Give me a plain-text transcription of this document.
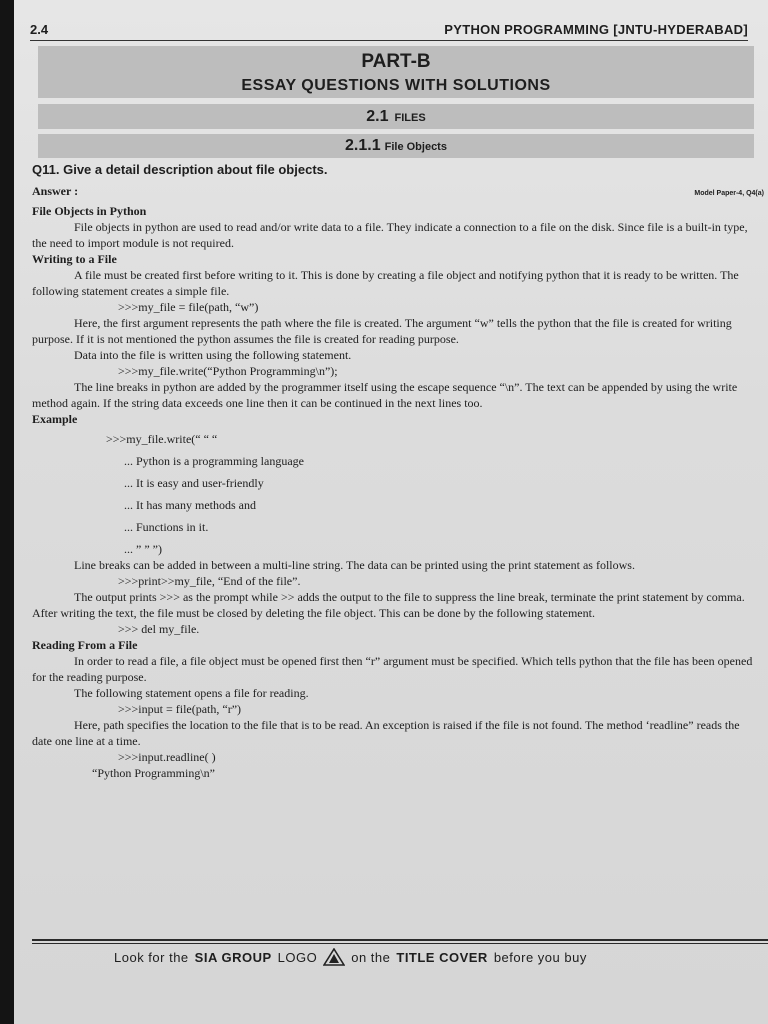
2.4	PYTHON PROGRAMMING [JNTU-HYDERABAD]
PART-B
ESSAY QUESTIONS WITH SOLUTIONS
2.1 FILES
2.1.1 File Objects
Q11. Give a detail description about file objects.
Answer :	Model Paper-4, Q4(a)
File Objects in Python

File objects in python are used to read and/or write data to a file. They indicate a connection to a file on the disk. Since file is a built-in type, the need to import module is not required.

Writing to a File

A file must be created first before writing to it. This is done by creating a file object and notifying python that it is ready to be written. The following statement creates a simple file.

>>>my_file = file(path, “w”)

Here, the first argument represents the path where the file is created. The argument “w” tells the python that the file is created for writing purpose. If it is not mentioned the python assumes the file is created for reading purpose.

Data into the file is written using the following statement.

>>>my_file.write(“Python Programming\n”);

The line breaks in python are added by the programmer itself using the escape sequence “\n”. The text can be appended by using the write method again. If the string data exceeds one line then it can be continued in the next lines too.

Example

>>>my_file.write(“ “ “

... Python is a programming language

... It is easy and user-friendly

... It has many methods and

... Functions in it.

... ” ” ”)

Line breaks can be added in between a multi-line string. The data can be printed using the print statement as follows.

>>>print>>my_file, “End of the file”.

The output prints >>> as the prompt while >> adds the output to the file to suppress the line break, terminate the print statement by comma. After writing the text, the file must be closed by deleting the file object. This can be done by the following statement.

>>> del my_file.

Reading From a File

In order to read a file, a file object must be opened first then “r” argument must be specified. Which tells python that the file has been opened for the reading purpose.

The following statement opens a file for reading.

>>>input = file(path, “r”)

Here, path specifies the location to the file that is to be read. An exception is raised if the file is not found. The method ‘readline” reads the date one line at a time.

>>>input.readline( )

“Python Programming\n”

Look for the SIA GROUP LOGO	on the TITLE COVER before you buy
